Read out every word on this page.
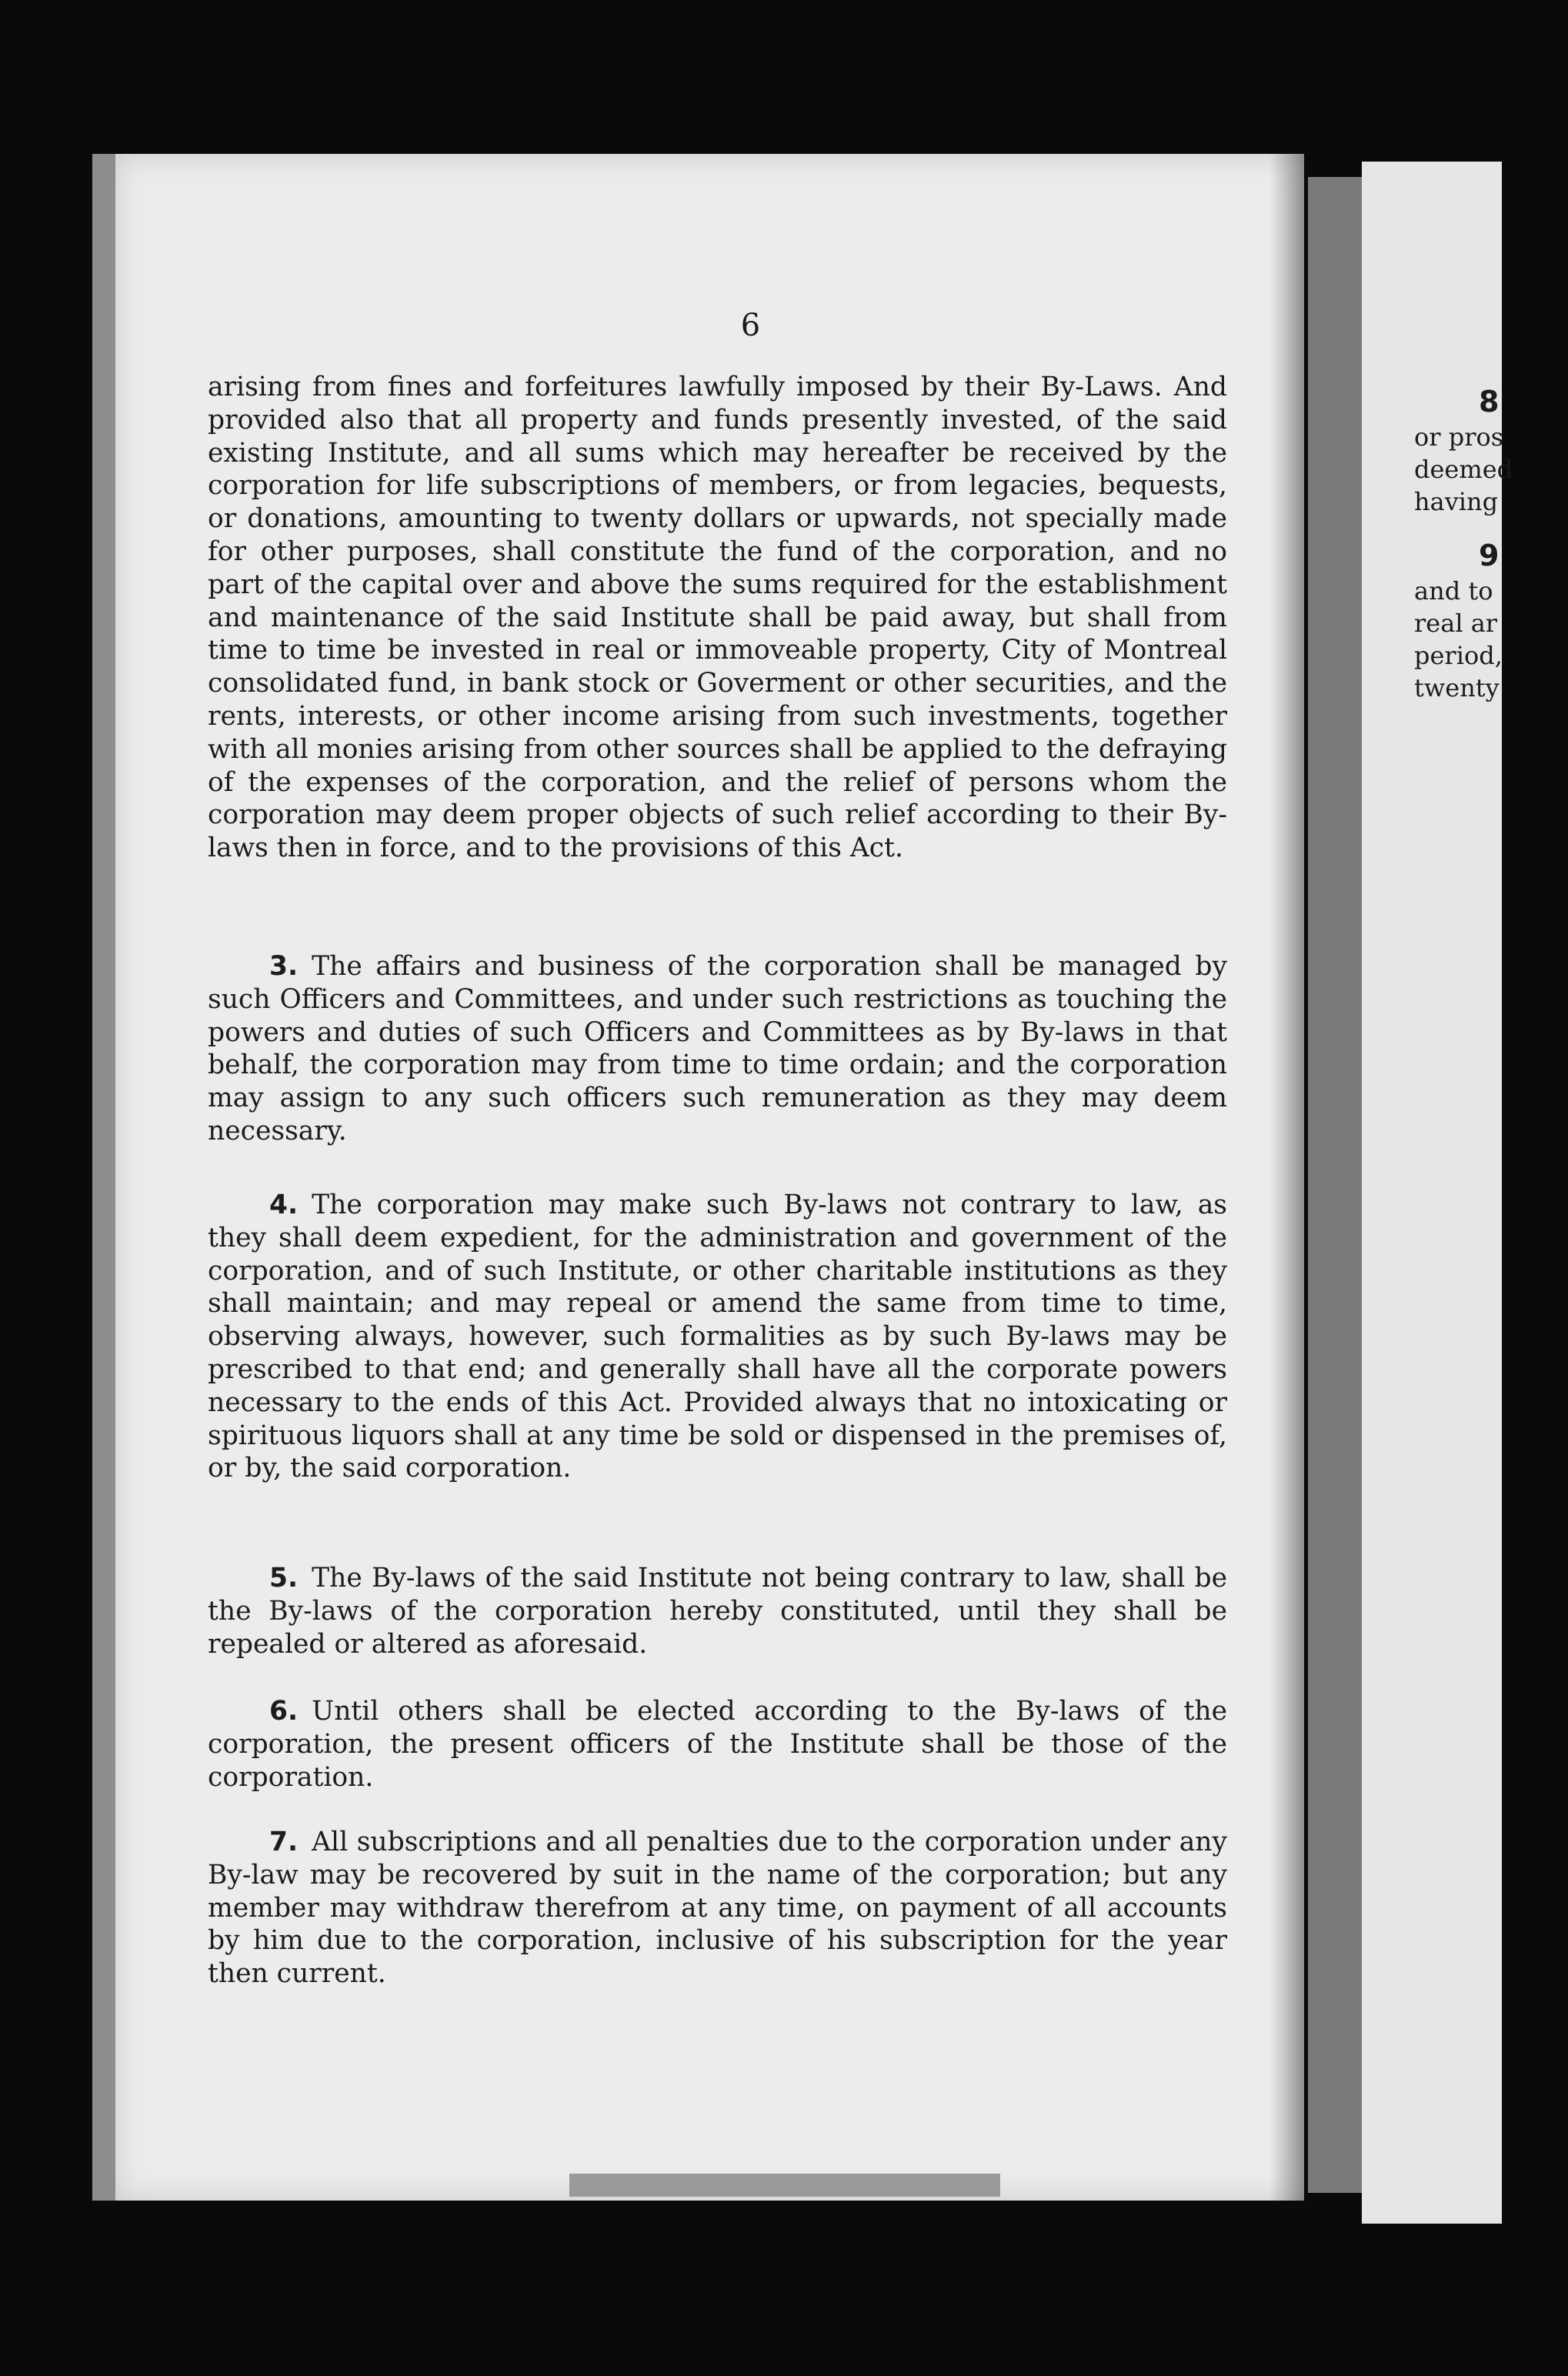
6

arising from fines and forfeitures lawfully imposed by their By-Laws. And provided also that all property and funds presently invested, of the said existing Institute, and all sums which may hereafter be received by the corporation for life subscriptions of members, or from legacies, bequests, or donations, amounting to twenty dollars or upwards, not specially made for other purposes, shall constitute the fund of the corporation, and no part of the capital over and above the sums required for the establishment and maintenance of the said Institute shall be paid away, but shall from time to time be invested in real or immoveable property, City of Montreal consolidated fund, in bank stock or Goverment or other securities, and the rents, interests, or other income arising from such investments, together with all monies arising from other sources shall be applied to the defraying of the expenses of the corporation, and the relief of persons whom the corporation may deem proper objects of such relief according to their By-laws then in force, and to the provisions of this Act.

3. The affairs and business of the corporation shall be managed by such Officers and Committees, and under such restrictions as touching the powers and duties of such Officers and Committees as by By-laws in that behalf, the corporation may from time to time ordain; and the corporation may assign to any such officers such remuneration as they may deem necessary.

4. The corporation may make such By-laws not contrary to law, as they shall deem expedient, for the administration and government of the corporation, and of such Institute, or other charitable institutions as they shall maintain; and may repeal or amend the same from time to time, observing always, however, such formalities as by such By-laws may be prescribed to that end; and generally shall have all the corporate powers necessary to the ends of this Act. Provided always that no intoxicating or spirituous liquors shall at any time be sold or dispensed in the premises of, or by, the said corporation.

5. The By-laws of the said Institute not being contrary to law, shall be the By-laws of the corporation hereby constituted, until they shall be repealed or altered as aforesaid.

6. Until others shall be elected according to the By-laws of the corporation, the present officers of the Institute shall be those of the corporation.

7. All subscriptions and all penalties due to the corporation under any By-law may be recovered by suit in the name of the corporation; but any member may withdraw therefrom at any time, on payment of all accounts by him due to the corporation, inclusive of his subscription for the year then current.

8
or pros
deemed
having
9
and to
real ar
period,
twenty
